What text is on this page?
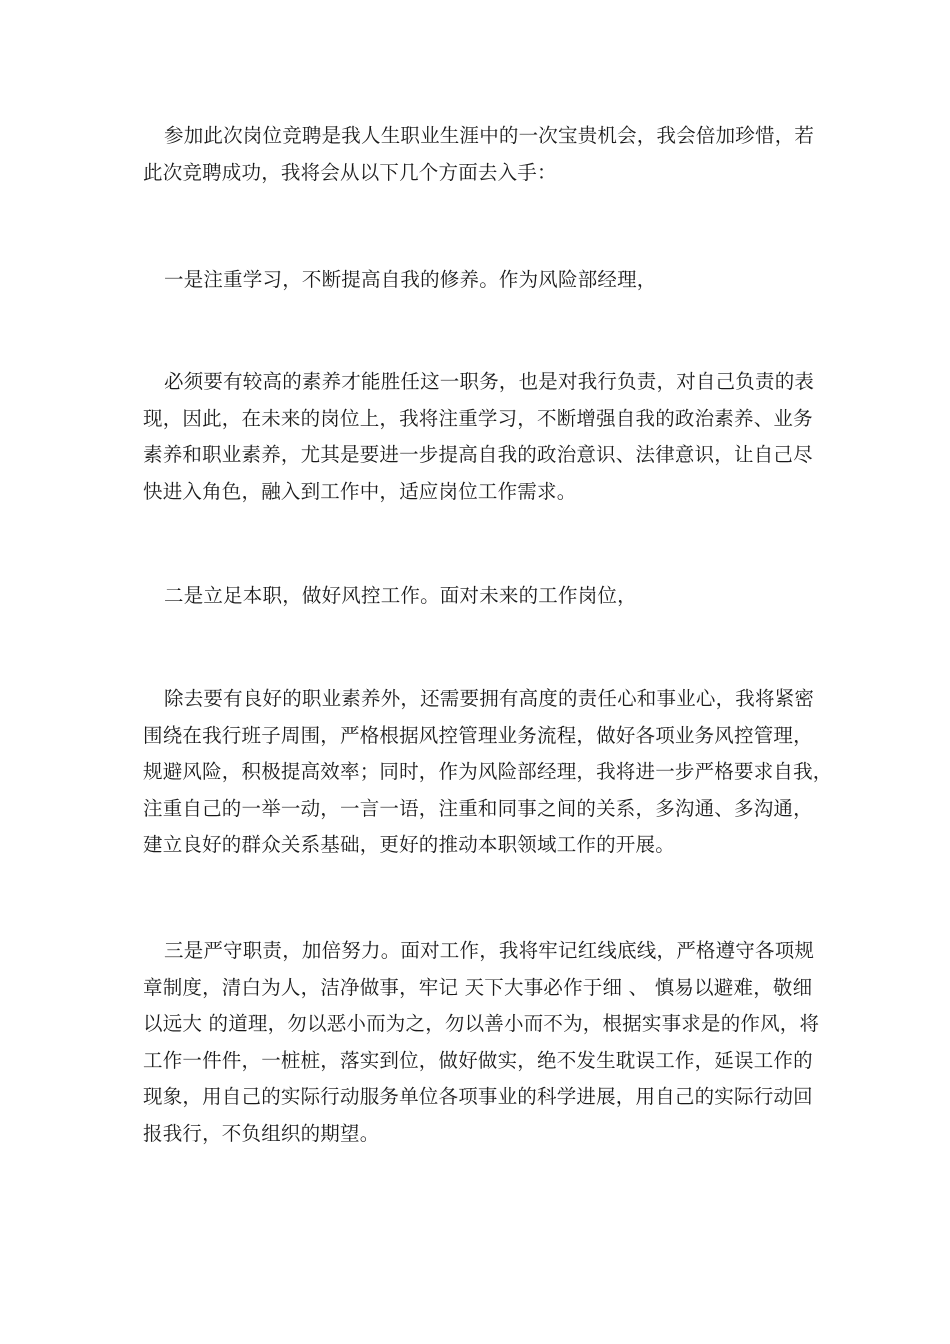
参加此次岗位竞聘是我人生职业生涯中的一次宝贵机会，我会倍加珍惜，若
此次竞聘成功，我将会从以下几个方面去入手：
一是注重学习，不断提高自我的修养。作为风险部经理，
必须要有较高的素养才能胜任这一职务，也是对我行负责，对自己负责的表
现，因此，在未来的岗位上，我将注重学习，不断增强自我的政治素养、业务
素养和职业素养，尤其是要进一步提高自我的政治意识、法律意识，让自己尽
快进入角色，融入到工作中，适应岗位工作需求。
二是立足本职，做好风控工作。面对未来的工作岗位，
除去要有良好的职业素养外，还需要拥有高度的责任心和事业心，我将紧密
围绕在我行班子周围，严格根据风控管理业务流程，做好各项业务风控管理，
规避风险，积极提高效率；同时，作为风险部经理，我将进一步严格要求自我，
注重自己的一举一动，一言一语，注重和同事之间的关系，多沟通、多沟通，
建立良好的群众关系基础，更好的推动本职领域工作的开展。
三是严守职责，加倍努力。面对工作，我将牢记红线底线，严格遵守各项规
章制度，清白为人，洁净做事，牢记 天下大事必作于细 、 慎易以避难，敬细
以远大 的道理，勿以恶小而为之，勿以善小而不为，根据实事求是的作风，将
工作一件件，一桩桩，落实到位，做好做实，绝不发生耽误工作，延误工作的
现象，用自己的实际行动服务单位各项事业的科学进展，用自己的实际行动回
报我行，不负组织的期望。
